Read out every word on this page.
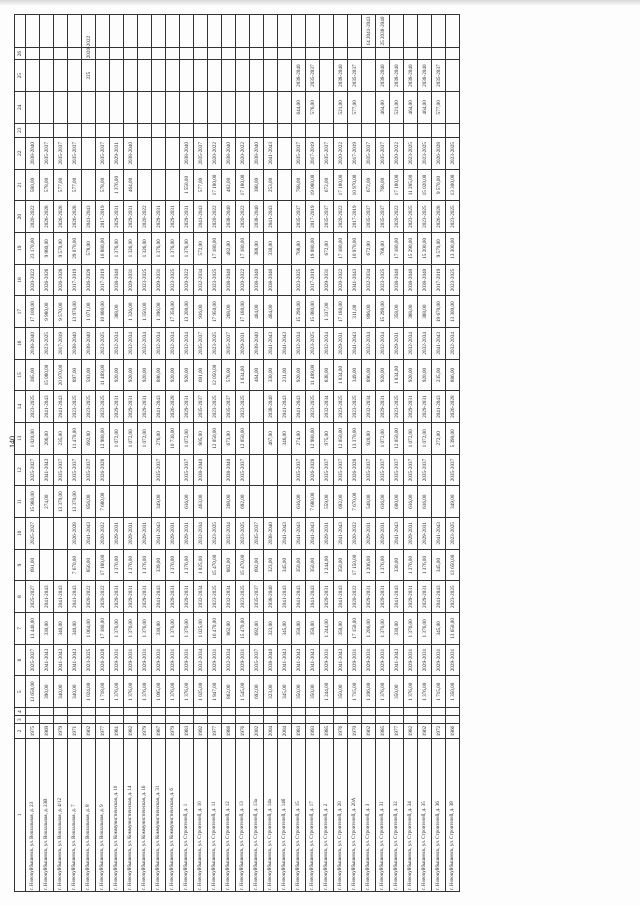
140
1	2	3	4	5	6	7	8	9	10	11	12	13	14	15	16	17	18	19	20	21	22	23	24	25	26	
г. Новокуйбышевск, ул. Вокзальная, д. 23	1975			13 650,00	2025-2027	13 440,00	2025-2027	691,00	2025-2027	15 980,00	2025-2027	1 020,00	2023-2025	385,00	2038-2040	17 100,00	2020-2022	23 170,00	2020-2022	580,00	2038-2040					
г. Новокуйбышевск, ул. Вокзальная, д. 23В	1969			390,00	2041-2043	330,00	2041-2043			274,00	2041-2043	206,00	2041-2043	15 080,00	2023-2025	9 980,00	2026-2028	9 980,00	2026-2028	578,00	2035-2037					
г. Новокуйбышевск, ул. Вокзальная, д. 4/12	1979			340,00	2041-2043	340,00	2041-2043			13 370,00	2035-2037	235,00	2041-2043	20 970,00	2017-2019	9 570,00	2026-2028	9 570,00	2026-2028	577,00	2035-2037					
г. Новокуйбышевск, ул. Вокзальная, д. 7	1971			340,00	2041-2043	340,00	2041-2043	7 670,00	2026-2028	13 370,00	2035-2037	11 470,00	2023-2025	897,00	2038-2040	13 970,00	2017-2019	29 070,00	2026-2028	577,00	2035-2037					
г. Новокуйбышевск, ул. Вокзальная, д. 8	1962			1 024,00	2023-2025	1 064,00	2020-2022	856,00	2041-2043	856,00	2035-2037	692,00	2023-2025	593,00	2038-2040	1 071,00	2026-2028	578,00	2041-2043					225	2020-2022	
г. Новокуйбышевск, ул. Вокзальная, д. 9	1977			1 718,00	2026-2028	17 180,00	2020-2022	17 180,00	2020-2022	7 680,00	2026-2028	12 980,00	2023-2025	11 489,00	2023-2025	10 880,00	2017-2019	10 880,00	2017-2019	578,00	2035-2037					
г. Новокуйбышевск, ул. Коммунистическая, д. 10	1981			1 376,00	2029-2031	1 376,00	2029-2031	1 376,00	2029-2031			1 072,00	2029-2031	920,00	2032-2034	388,00	2038-2040	1 376,00	2029-2031	1 376,00	2029-2031					
г. Новокуйбышевск, ул. Коммунистическая, д. 14	1982			1 376,00	2029-2031	1 376,00	2029-2031	1 376,00	2029-2031			1 072,00	2029-2031	920,00	2032-2034	1 326,00	2029-2031	1 326,00	2029-2031	464,00	2038-2040					
г. Новокуйбышевск, ул. Коммунистическая, д. 16	1979			1 376,00	2029-2031	1 376,00	2029-2031	1 376,00	2029-2031			1 072,00	2029-2031	920,00	2032-2034	1 350,00	2023-2025	1 326,00	2020-2022							
г. Новокуйбышевск, ул. Коммунистическая, д. 31	1987			1 095,00	2029-2031	330,00	2041-2043	339,00	2041-2043	349,00	2035-2037	276,00	2041-2043	896,00	2032-2034	1 396,00	2029-2031	1 376,00	2029-2031							
г. Новокуйбышевск, ул. Коммунистическая, д. 6	1979			1 376,00	2029-2031	1 376,00	2029-2031	1 376,00	2029-2031			10 730,00	2026-2028	920,00	2032-2034	17 350,00	2023-2025	1 376,00	2029-2031							
г. Новокуйбышевск, ул. Строителей, д. 1	1983			1 376,00	2029-2031	1 376,00	2029-2031	1 376,00	2029-2031	616,00	2035-2037	1 072,00	2029-2031	920,00	2032-2034	13 200,00	2020-2022	1 376,00	2029-2031	1 550,00	2038-2040					
г. Новокуйбышевск, ул. Строителей, д. 10	1992			1 025,00	2032-2034	1 025,00	2032-2034	1 025,00	2032-2034	463,00	2038-2040	805,00	2035-2037	691,00	2035-2037	916,00	2032-2034	572,00	2041-2043	577,00	2035-2037					
г. Новокуйбышевск, ул. Строителей, д. 11	1977			1 947,00	2029-2031	16 470,00	2023-2025	15 470,00	2023-2025			12 050,00	2023-2025	12 050,00	2023-2025	17 950,00	2023-2025	17 180,00	2020-2022	17 180,00	2020-2022					
г. Новокуйбышевск, ул. Строителей, д. 12	1988			862,00	2032-2034	862,00	2032-2034	862,00	2032-2034	268,00	2038-2040	673,00	2035-2037	578,00	2035-2037	268,00	2038-2040	482,00	2038-2040	482,00	2038-2040					
г. Новокуйбышевск, ул. Строителей, д. 13	1976			1 545,00	2029-2031	15 470,00	2023-2025	15 470,00	2023-2025	692,00	2035-2037	12 050,00	2023-2025	1 034,00	2029-2031	17 180,00	2020-2022	17 180,00	2020-2022	17 180,00	2020-2022					
г. Новокуйбышевск, ул. Строителей, д. 13а	2002			692,00	2035-2037	692,00	2035-2037	692,00	2035-2037					464,00	2038-2040	464,00	2038-2040	388,00	2038-2040	388,00	2038-2040					
г. Новокуйбышевск, ул. Строителей, д. 14а	2004			323,00	2038-2040	323,00	2038-2040	323,00	2038-2040			467,00	2038-2040	330,00	2041-2043	464,00	2038-2040	330,00	2041-2043	253,00	2041-2043					
г. Новокуйбышевск, ул. Строителей, д. 14б	2004			345,00	2041-2043	345,00	2041-2043	345,00	2041-2043			346,00	2041-2043	231,00	2041-2043											
г. Новокуйбышевск, ул. Строителей, д. 15	1983			350,00	2041-2043	350,00	2041-2043	350,00	2041-2043	616,00	2035-2037	274,00	2041-2043	920,00	2032-2034	15 290,00	2023-2025	768,00	2035-2037	768,00	2035-2037		644,00	2038-2040		
г. Новокуйбышевск, ул. Строителей, д. 17	1993			350,00	2041-2043	350,00	2041-2043	350,00	2041-2043	7 680,00	2026-2028	12 980,00	2023-2025	11 489,00	2023-2025	15 080,00	2017-2019	19 080,00	2017-2019	19 080,00	2017-2019		576,00	2035-2037		
г. Новокуйбышевск, ул. Строителей, д. 2	1985			1 244,00	2029-2031	1 244,00	2029-2031	1 244,00	2029-2031	559,00	2035-2037	975,00	2032-2034	838,00	2032-2034	1 337,00	2029-2031	672,00	2035-2037	672,00	2035-2037					
г. Новокуйбышевск, ул. Строителей, д. 20	1976			350,00	2041-2043	350,00	2041-2043	350,00	2041-2043	692,00	2035-2037	12 050,00	2023-2025	1 034,00	2029-2031	17 180,00	2020-2022	17 180,00	2020-2022	17 180,00	2020-2022		521,00	2038-2040		
г. Новокуйбышевск, ул. Строителей, д. 20А	1970			1 715,00	2029-2031	17 150,00	2020-2022	17 150,00	2020-2022	7 670,00	2026-2028	13 370,00	2023-2025	349,00	2041-2043	311,00	2041-2043	10 970,00	2017-2019	10 970,00	2017-2019		577,00	2035-2037		
г. Новокуйбышевск, ул. Строителей, д. 3	1962			1 206,00	2029-2031	1 206,00	2029-2031	1 206,00	2029-2031	548,00	2035-2037	920,00	2032-2034	896,00	2032-2034	896,00	2032-2034	672,00	2035-2037	672,00	2035-2037					14 2041-2043
г. Новокуйбышевск, ул. Строителей, д. 31	1985			1 376,00	2029-2031	1 376,00	2029-2031	1 376,00	2029-2031	616,00	2035-2037	1 072,00	2029-2031	920,00	2032-2034	15 290,00	2023-2025	768,00	2035-2037	768,00	2035-2037		464,00	2038-2040		25 2038-2040
г. Новокуйбышевск, ул. Строителей, д. 32	1977			350,00	2041-2043	330,00	2041-2043	330,00	2041-2043	600,00	2035-2037	12 050,00	2023-2025	1 034,00	2029-2031	358,00	2038-2040	17 180,00	2020-2022	17 180,00	2020-2022		521,00	2038-2040		
г. Новокуйбышевск, ул. Строителей, д. 34	1982			1 376,00	2029-2031	1 376,00	2029-2031	1 376,00	2029-2031	616,00	2035-2037	1 072,00	2029-2031	920,00	2032-2034	388,00	2038-2040	15 290,00	2023-2025	11 285,00	2023-2025		464,00	2038-2040		
г. Новокуйбышевск, ул. Строителей, д. 35	1962			1 376,00	2029-2031	1 376,00	2029-2031	1 376,00	2029-2031	616,00	2035-2037	1 072,00	2029-2031	920,00	2032-2034	388,00	2038-2040	15 200,00	2023-2025	15 020,00	2023-2025		464,00	2038-2040		
г. Новокуйбышевск, ул. Строителей, д. 36	1972			1 715,00	2029-2031	345,00	2041-2043	345,00	2041-2043			272,00	2041-2043	235,00	2041-2043	19 670,00	2017-2019	9 570,00	2026-2028	9 570,00	2026-2028		577,00	2035-2037		
г. Новокуйбышевск, ул. Строителей, д. 38	1966			1 350,00	2029-2031	13 650,00	2023-2025	13 650,00	2023-2025	349,00	2035-2037	5 390,00	2026-2028	886,00	2032-2034	13 300,00	2023-2025	13 300,00	2023-2025	13 300,00	2023-2025					
